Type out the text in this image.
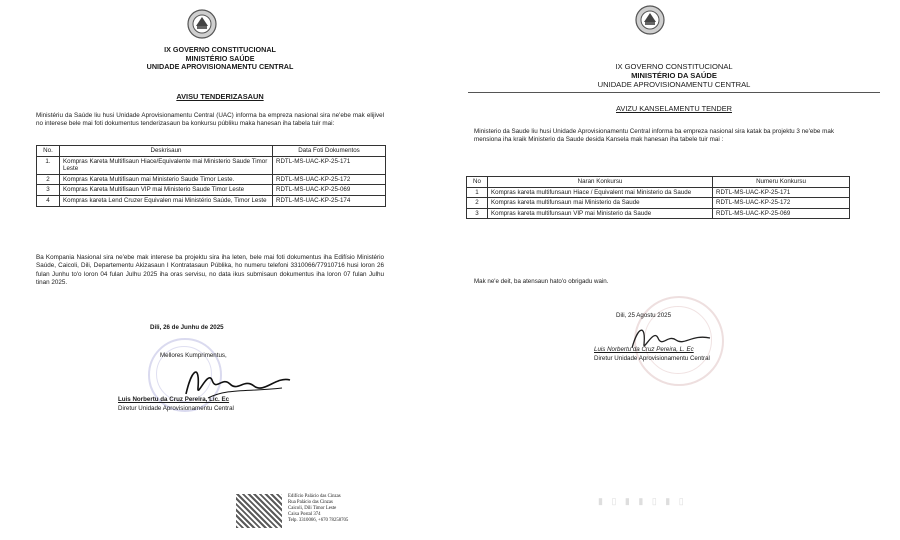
IX GOVERNO CONSTITUCIONAL
MINISTÉRIO SAÚDE
UNIDADE APROVISIONAMENTU CENTRAL
AVISU TENDERIZASAUN
Ministériu da Saúde liu husi Unidade Aprovisionamentu Central (UAC) informa ba empreza nasional sira ne'ebe mak elijivel no interese bele mai foti dokumentus tenderizasaun ba konkursu públiku maka hanesan iha tabela tuir mai:
No.	Deskrisaun	Data Foti Dokumentos
1.	Kompras Kareta Multifisaun Hiace/Equivalente mai Ministerio Saude Timor Leste	RDTL-MS-UAC-KP-25-171
2	Kompras Kareta Multifisaun mai Ministerio Saude Timor Leste.	RDTL-MS-UAC-KP-25-172
3	Kompras Kareta Multifisaun VIP mai Ministerio Saude Timor Leste	RDTL-MS-UAC-KP-25-069
4	Kompras kareta Lend Cruzer Equivalen mai Ministério Saúde, Timor Leste	RDTL-MS-UAC-KP-25-174
Ba Kompania Nasional sira ne'ebe mak interese ba projektu sira iha leten, bele mai foti dokumentus iha Edifísio Ministério Saúde, Caicoli, Dili, Departementu Akizasaun I Kontratasaun Públika, ho numeru telefoni 3310066/77910716 husi loron 26 fulan Junhu to'o loron 04 fulan Julhu 2025 iha oras servisu, no data ikus submisaun dokumentus iha loron 07 fulan Julhu tinan 2025.
Dili, 26 de Junhu de 2025
Mellores Kumprimentus,
Luis Norbertu da Cruz Pereira, Lic. Ec
Diretur Unidade Aprovisionamentu Central
Edifício Palácio das Cinzas
Rua Palácio das Cinzas
Caicoli, Díli Timor Leste
Caixa Postal 374
Telp. 3310066, +670 78258705
IX GOVERNO CONSTITUCIONAL
MINISTÉRIO DA SAÚDE
UNIDADE APROVISIONAMENTU CENTRAL
AVIZU KANSELAMENTU TENDER
Ministerio da Saude liu husi Unidade Aprovisionamentu Central informa ba empreza nasional sira katak ba projektu 3 ne'ebe mak mensiona iha kraik Ministerio da Saude desida Kansela mak hanesan iha tabele tuir mai :
No	Naran Konkursu	Numeru Konkursu
1	Kompras kareta multifunsaun Hiace / Equivalent mai Ministerio da Saude	RDTL-MS-UAC-KP-25-171
2	Kompras kareta multifunsaun mai Ministerio da Saude	RDTL-MS-UAC-KP-25-172
3	Kompras kareta multifunsaun VIP mai Ministerio da Saude	RDTL-MS-UAC-KP-25-069
Mak ne'e deit, ba atensaun hato'o obrigadu wain.
Dili, 25 Agostu 2025
Luis Norbertu da Cruz Pereira, L. Ec
Diretur Unidade Aprovisionamentu Central
▮ ▯ ▮ ▮ ▯ ▮ ▯
